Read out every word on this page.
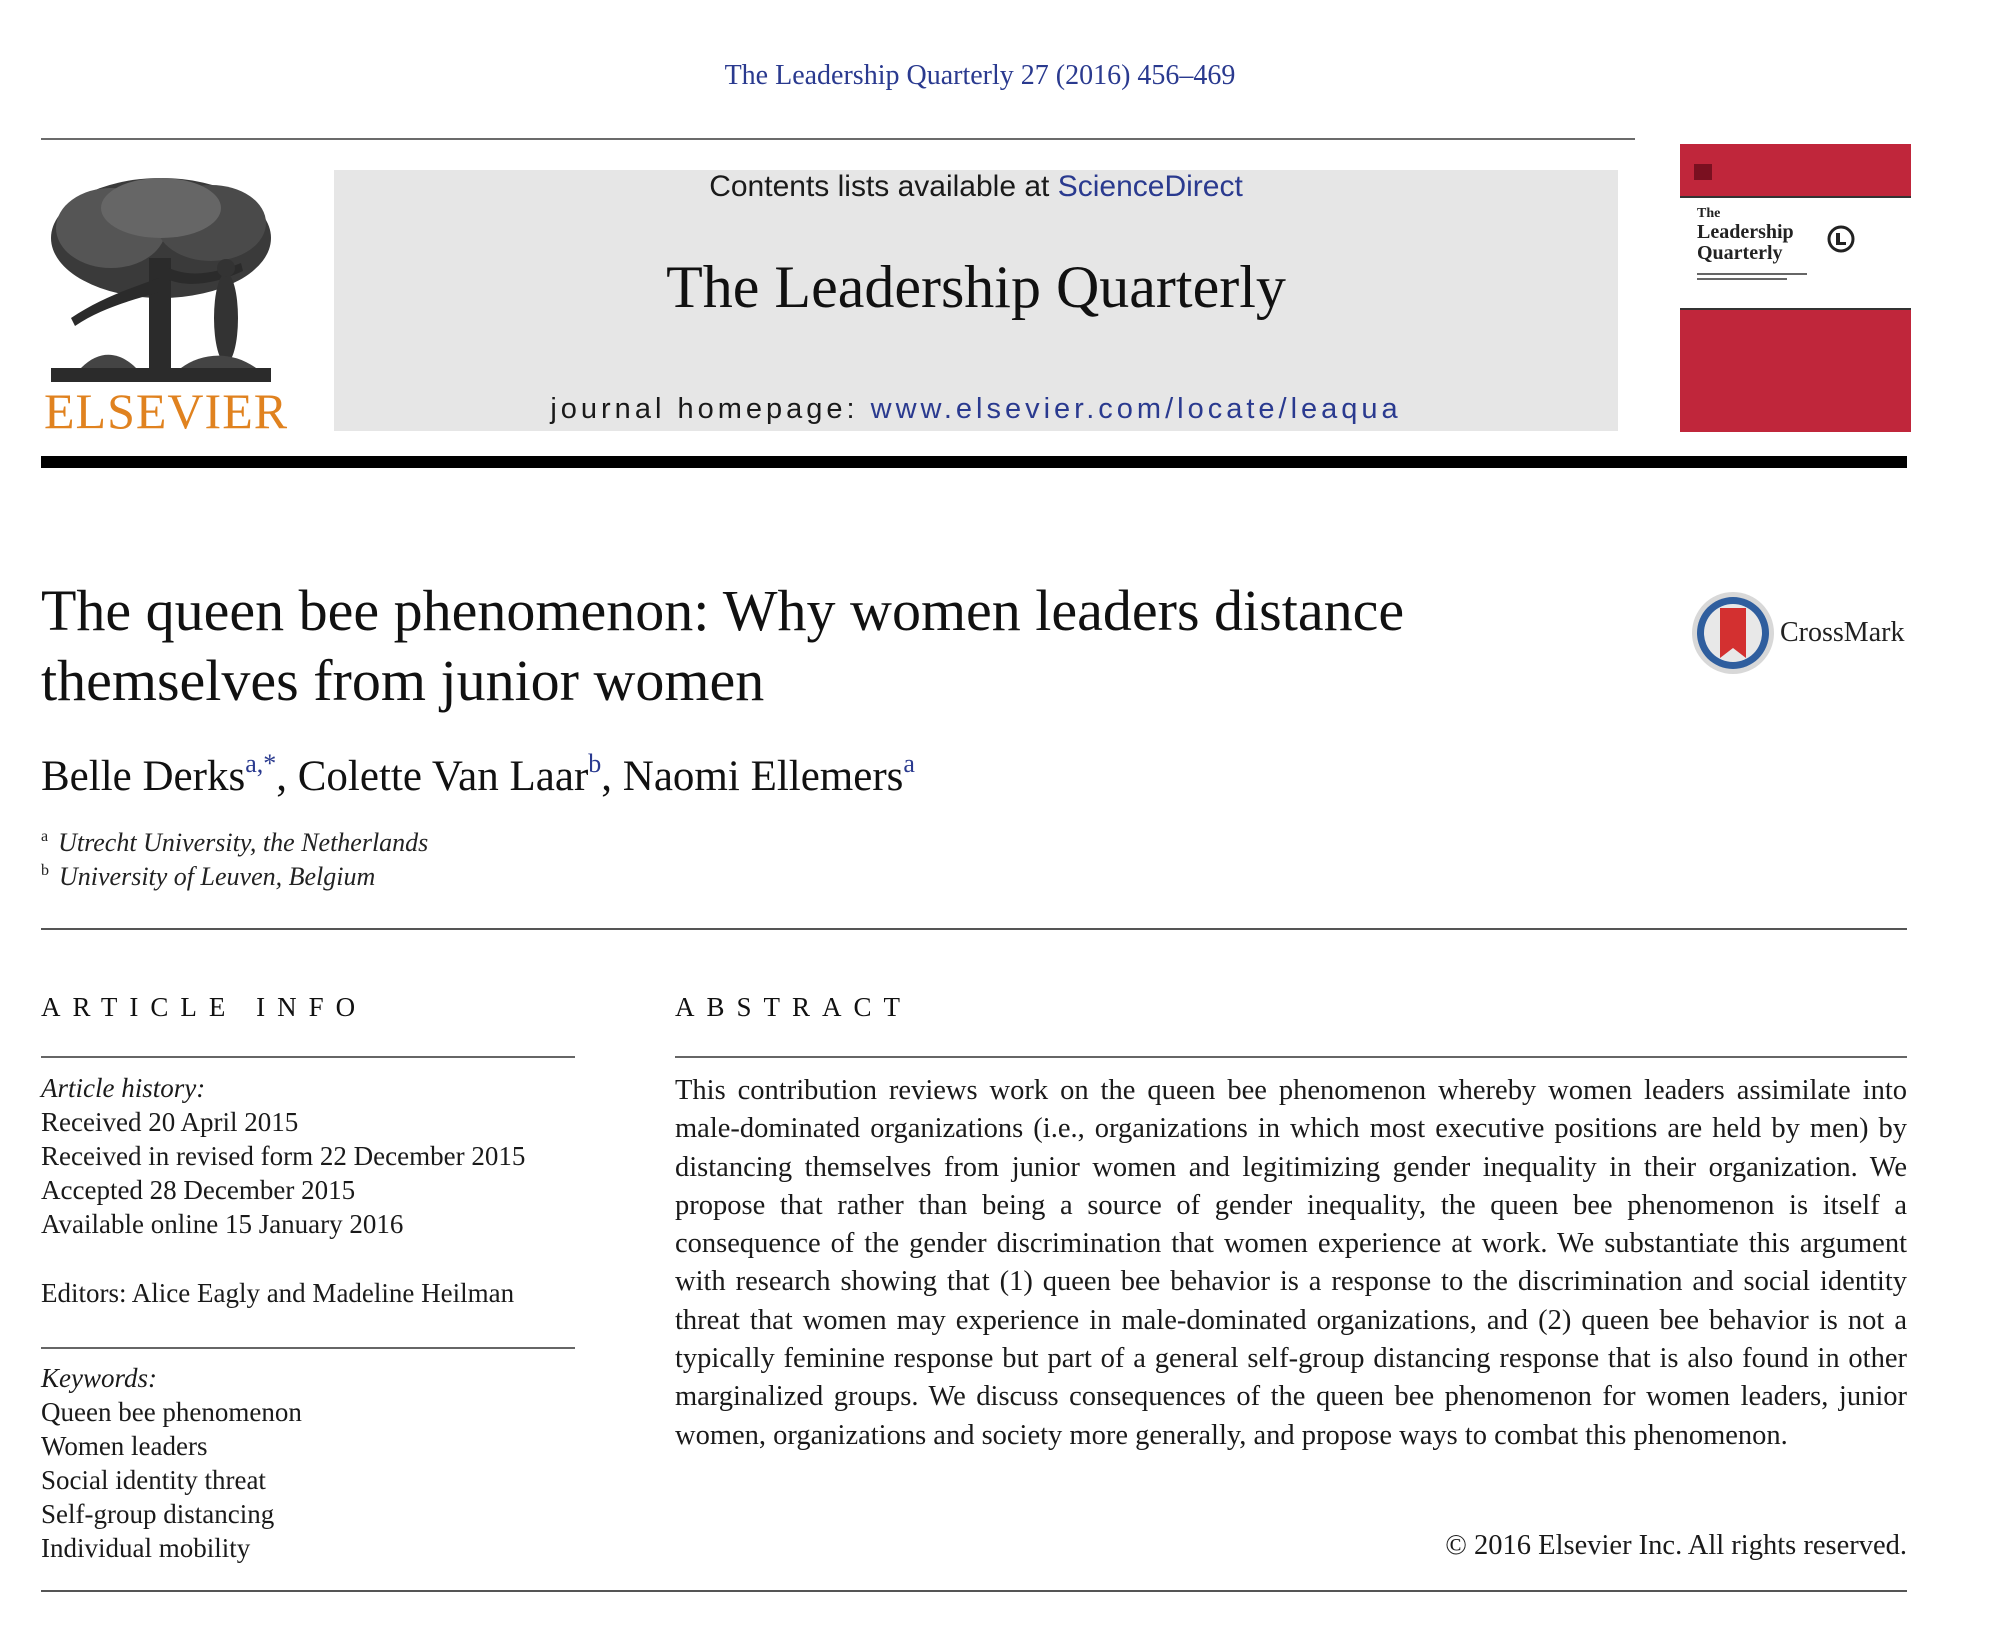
The Leadership Quarterly 27 (2016) 456–469
ELSEVIER
Contents lists available at ScienceDirect
The Leadership Quarterly
journal homepage: www.elsevier.com/locate/leaqua
The
Leadership
Quarterly
The queen bee phenomenon: Why women leaders distance themselves from junior women
CrossMark
Belle Derks$^{a,*}$, Colette Van Laar$^b$, Naomi Ellemers$^a$
$^a$ Utrecht University, the Netherlands
$^b$ University of Leuven, Belgium
ARTICLE INFO
Article history:
Received 20 April 2015
Received in revised form 22 December 2015
Accepted 28 December 2015
Available online 15 January 2016
Editors: Alice Eagly and Madeline Heilman
Keywords:
Queen bee phenomenon
Women leaders
Social identity threat
Self-group distancing
Individual mobility
ABSTRACT
This contribution reviews work on the queen bee phenomenon whereby women leaders assimilate into male-dominated organizations (i.e., organizations in which most executive positions are held by men) by distancing themselves from junior women and legitimizing gender inequality in their organization. We propose that rather than being a source of gender inequality, the queen bee phenomenon is itself a consequence of the gender discrimination that women experience at work. We substantiate this argument with research showing that (1) queen bee behavior is a response to the discrimination and social identity threat that women may experience in male-dominated organizations, and (2) queen bee behavior is not a typically feminine response but part of a general self-group distancing response that is also found in other marginalized groups. We discuss consequences of the queen bee phenomenon for women leaders, junior women, organizations and society more generally, and propose ways to combat this phenomenon.
© 2016 Elsevier Inc. All rights reserved.
